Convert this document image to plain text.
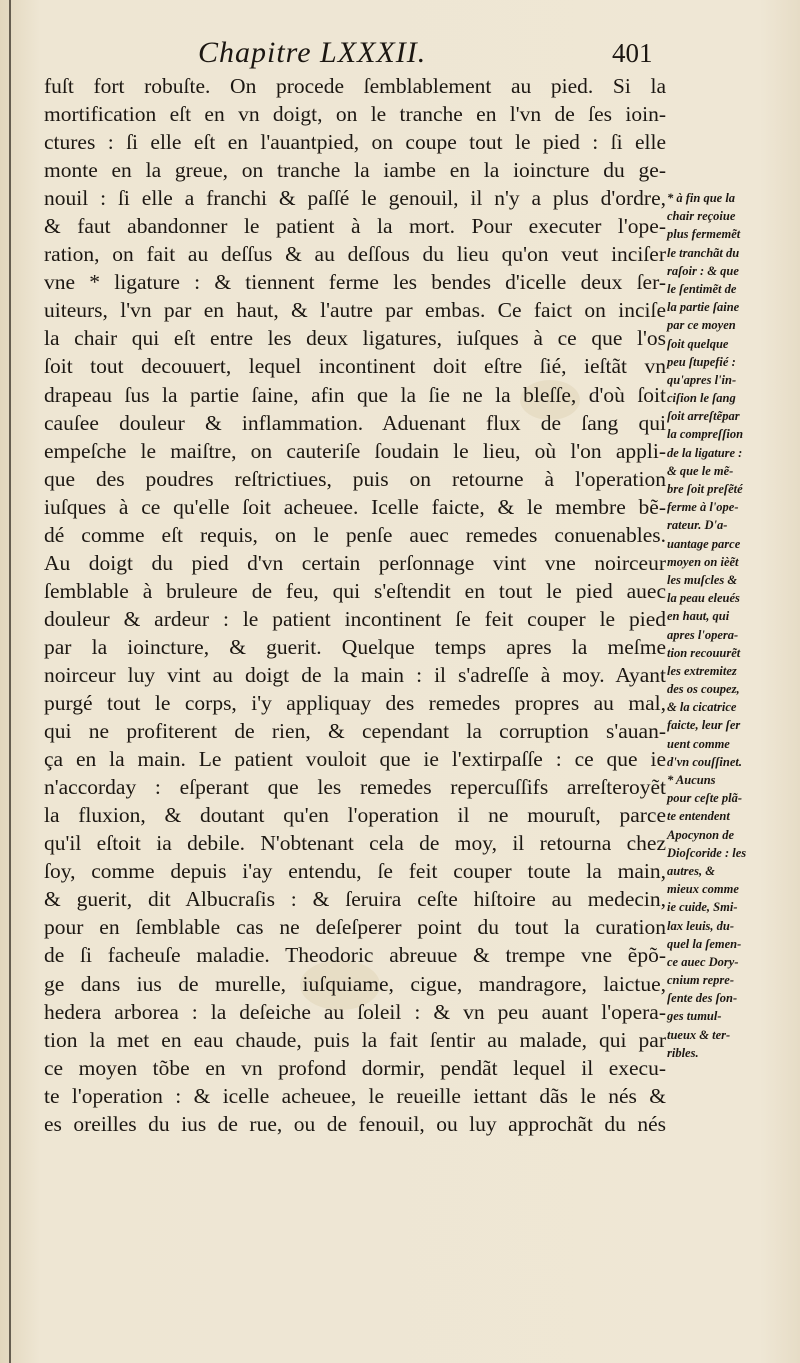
Chapitre LXXXII.	401
fuſt fort robuſte. On procede ſemblablement au pied. Si la
mortification eſt en vn doigt, on le tranche en l'vn de ſes ioin-
ctures : ſi elle eſt en l'auantpied, on coupe tout le pied : ſi elle
monte en la greue, on tranche la iambe en la ioincture du ge-
nouil : ſi elle a franchi & paſſé le genouil, il n'y a plus d'ordre,
& faut abandonner le patient à la mort. Pour executer l'ope-
ration, on fait au deſſus & au deſſous du lieu qu'on veut inciſer
vne * ligature : & tiennent ferme les bendes d'icelle deux ſer-
uiteurs, l'vn par en haut, & l'autre par embas. Ce faict on inciſe
la chair qui eſt entre les deux ligatures, iuſques à ce que l'os
ſoit tout decouuert, lequel incontinent doit eſtre ſié, ieſtãt vn
drapeau ſus la partie ſaine, afin que la ſie ne la bleſſe, d'où ſoit
cauſee douleur & inflammation. Aduenant flux de ſang qui
empeſche le maiſtre, on cauteriſe ſoudain le lieu, où l'on appli-
que des poudres reſtrictiues, puis on retourne à l'operation
iuſques à ce qu'elle ſoit acheuee. Icelle faicte, & le membre bẽ-
dé comme eſt requis, on le penſe auec remedes conuenables.
Au doigt du pied d'vn certain perſonnage vint vne noirceur
ſemblable à bruleure de feu, qui s'eſtendit en tout le pied auec
douleur & ardeur : le patient incontinent ſe feit couper le pied
par la ioincture, & guerit. Quelque temps apres la meſme
noirceur luy vint au doigt de la main : il s'adreſſe à moy. Ayant
purgé tout le corps, i'y appliquay des remedes propres au mal,
qui ne profiterent de rien, & cependant la corruption s'auan-
ça en la main. Le patient vouloit que ie l'extirpaſſe : ce que ie
n'accorday : eſperant que les remedes repercuſſifs arreſteroyẽt
la fluxion, & doutant qu'en l'operation il ne mouruſt, parce
qu'il eſtoit ia debile. N'obtenant cela de moy, il retourna chez
ſoy, comme depuis i'ay entendu, ſe feit couper toute la main,
& guerit, dit Albucraſis : & ſeruira ceſte hiſtoire au medecin,
pour en ſemblable cas ne deſeſperer point du tout la curation
de ſi facheuſe maladie. Theodoric abreuue & trempe vne ẽpõ-
ge dans ius de murelle, iuſquiame, cigue, mandragore, laictue,
hedera arborea : la deſeiche au ſoleil : & vn peu auant l'opera-
tion la met en eau chaude, puis la fait ſentir au malade, qui par
ce moyen tõbe en vn profond dormir, pendãt lequel il execu-
te l'operation : & icelle acheuee, le reueille iettant dãs le nés &
es oreilles du ius de rue, ou de fenouil, ou luy approchãt du nés
* à fin que la
chair reçoiue
plus fermemẽt
le tranchãt du
raſoir : & que
le ſentimẽt de
la partie ſaine
par ce moyen
ſoit quelque
peu ſtupefié :
qu'apres l'in-
ciſion le ſang
ſoit arreſtẽpar
la compreſſion
de la ligature :
& que le mẽ-
bre ſoit preſẽté
ferme à l'ope-
rateur. D'a-
uantage parce
moyen on ièẽt
les muſcles &
la peau eleués
en haut, qui
apres l'opera-
tion recouurẽt
les extremitez
des os coupez,
& la cicatrice
faicte, leur ſer
uent comme
d'vn couſſinet.
* Aucuns
pour ceſte plã-
te entendent
Apocynon de
Dioſcoride : les
autres, &
mieux comme
ie cuide, Smi-
lax leuis, du-
quel la ſemen-
ce auec Dory-
cnium repre-
ſente des ſon-
ges tumul-
tueux & ter-
ribles.
